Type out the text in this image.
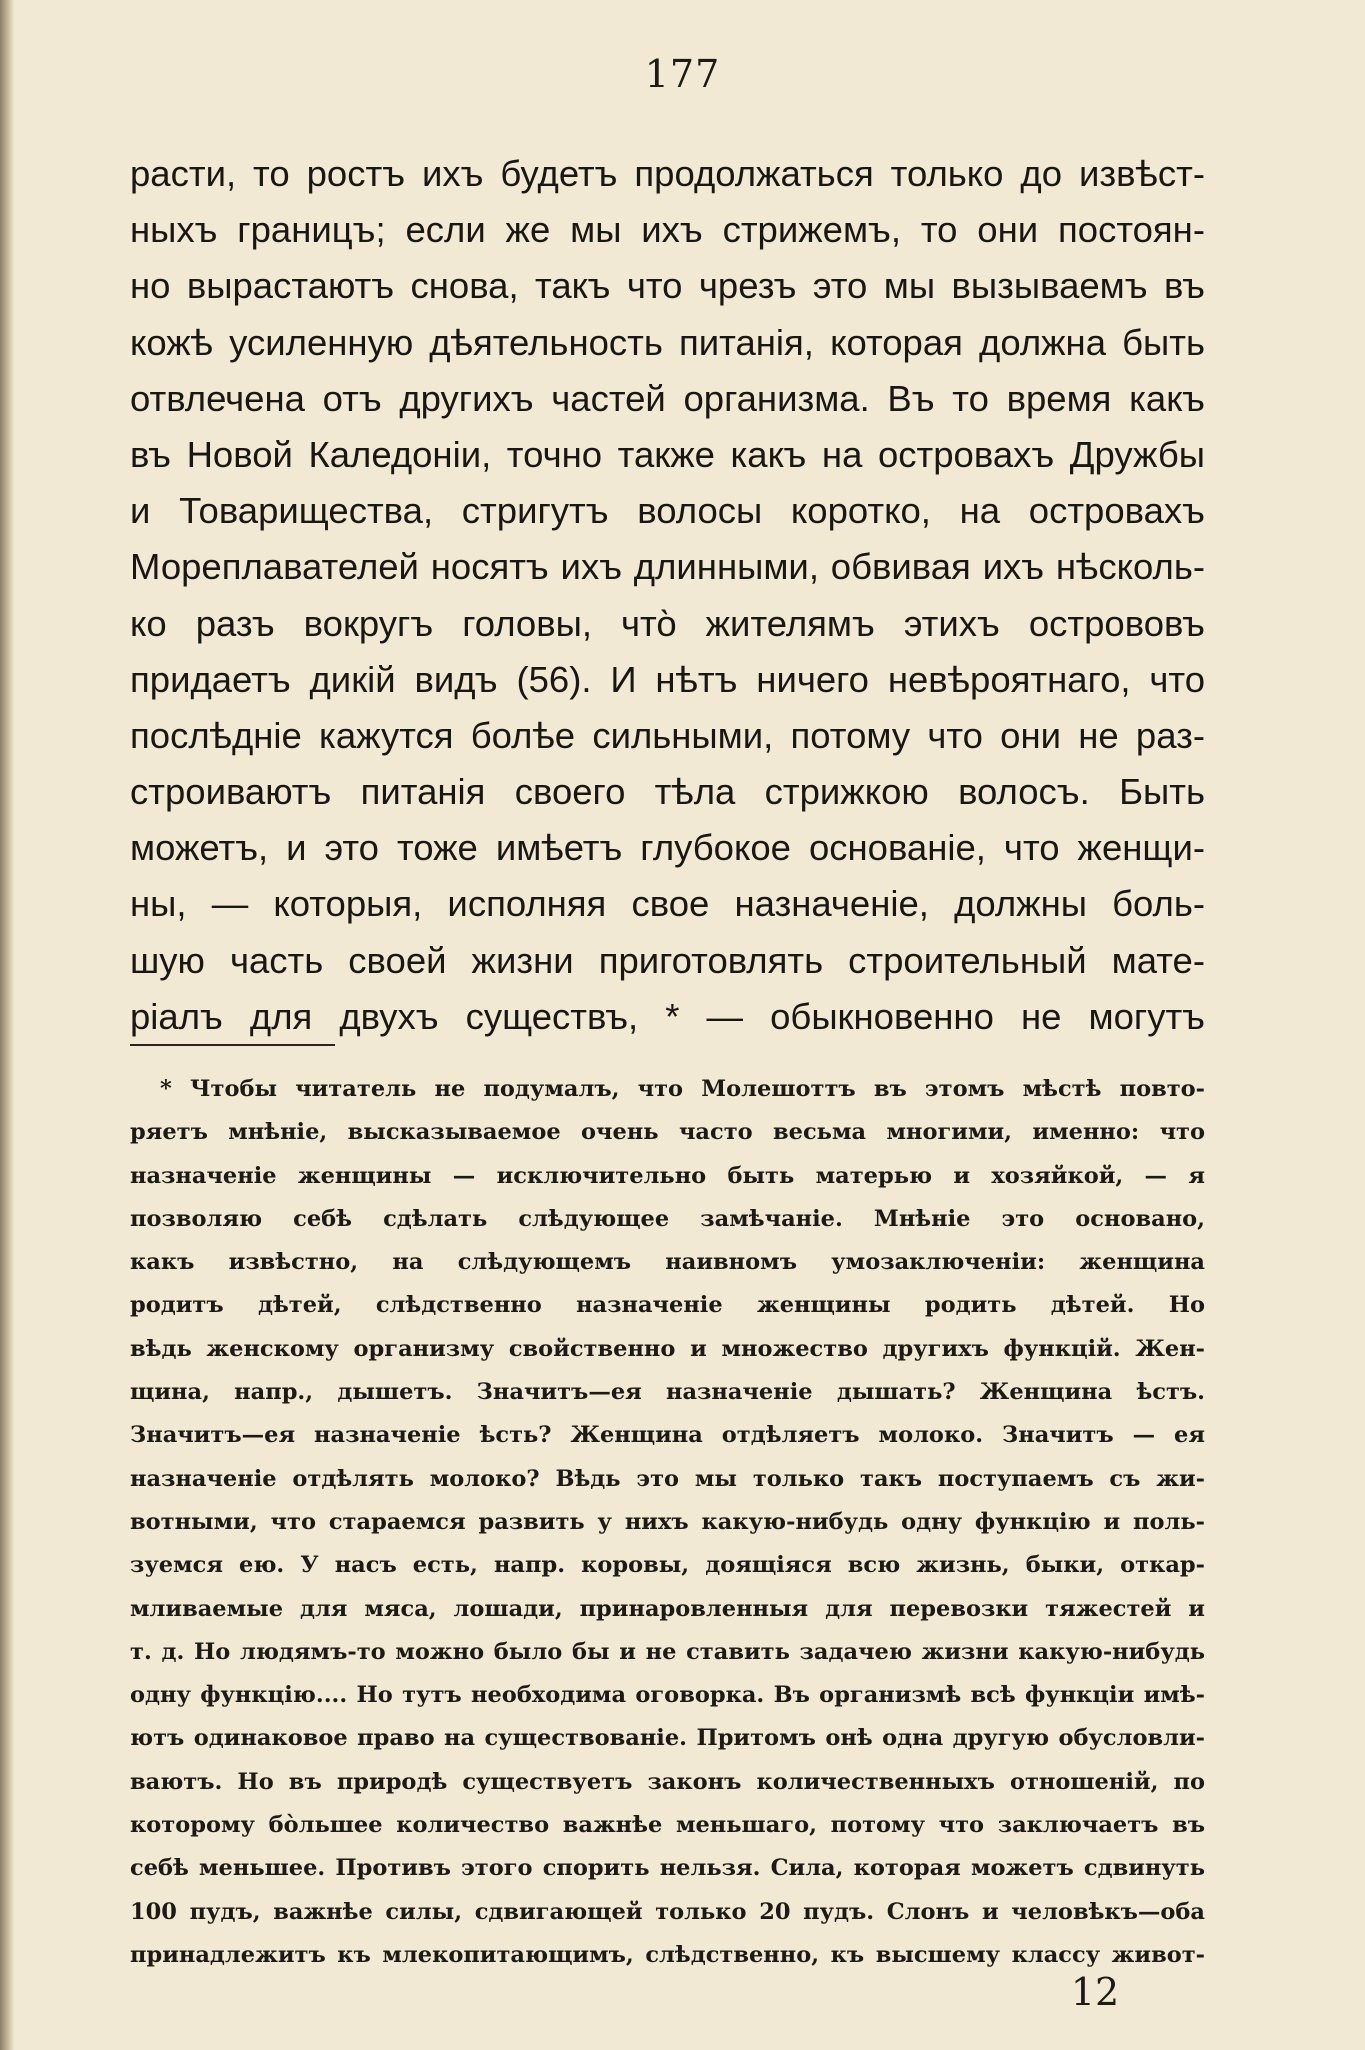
177
расти, то ростъ ихъ будетъ продолжаться только до извѣст-
ныхъ границъ; если же мы ихъ стрижемъ, то они постоян-
но вырастаютъ снова, такъ что чрезъ это мы вызываемъ въ
кожѣ усиленную дѣятельность питанія, которая должна быть
отвлечена отъ другихъ частей организма. Въ то время какъ
въ Новой Каледоніи, точно также какъ на островахъ Дружбы
и Товарищества, стригутъ волосы коротко, на островахъ
Мореплавателей носятъ ихъ длинными, обвивая ихъ нѣсколь-
ко разъ вокругъ головы, что̀ жителямъ этихъ острововъ
придаетъ дикій видъ (56). И нѣтъ ничего невѣроятнаго, что
послѣдніе кажутся болѣе сильными, потому что они не раз-
строиваютъ питанія своего тѣла стрижкою волосъ. Быть
можетъ, и это тоже имѣетъ глубокое основаніе, что женщи-
ны, — которыя, исполняя свое назначеніе, должны боль-
шую часть своей жизни приготовлять строительный мате-
ріалъ для двухъ существъ, * — обыкновенно не могутъ
* Чтобы читатель не подумалъ, что Молешоттъ въ этомъ мѣстѣ повто-
ряетъ мнѣніе, высказываемое очень часто весьма многими, именно: что
назначеніе женщины — исключительно быть матерью и хозяйкой, — я
позволяю себѣ сдѣлать слѣдующее замѣчаніе. Мнѣніе это основано,
какъ извѣстно, на слѣдующемъ наивномъ умозаключеніи: женщина
родитъ дѣтей, слѣдственно назначеніе женщины родить дѣтей. Но
вѣдь женскому организму свойственно и множество другихъ функцій. Жен-
щина, напр., дышетъ. Значитъ—ея назначеніе дышать? Женщина ѣстъ.
Значитъ—ея назначеніе ѣсть? Женщина отдѣляетъ молоко. Значитъ — ея
назначеніе отдѣлять молоко? Вѣдь это мы только такъ поступаемъ съ жи-
вотными, что стараемся развить у нихъ какую-нибудь одну функцію и поль-
зуемся ею. У насъ есть, напр. коровы, доящіяся всю жизнь, быки, откар-
мливаемые для мяса, лошади, принаровленныя для перевозки тяжестей и
т. д. Но людямъ-то можно было бы и не ставить задачею жизни какую-нибудь
одну функцію.... Но тутъ необходима оговорка. Въ организмѣ всѣ функціи имѣ-
ютъ одинаковое право на существованіе. Притомъ онѣ одна другую обусловли-
ваютъ. Но въ природѣ существуетъ законъ количественныхъ отношеній, по
которому бо̀льшее количество важнѣе меньшаго, потому что заключаетъ въ
себѣ меньшее. Противъ этого спорить нельзя. Сила, которая можетъ сдвинуть
100 пудъ, важнѣе силы, сдвигающей только 20 пудъ. Слонъ и человѣкъ—оба
принадлежитъ къ млекопитающимъ, слѣдственно, къ высшему классу живот-
12
